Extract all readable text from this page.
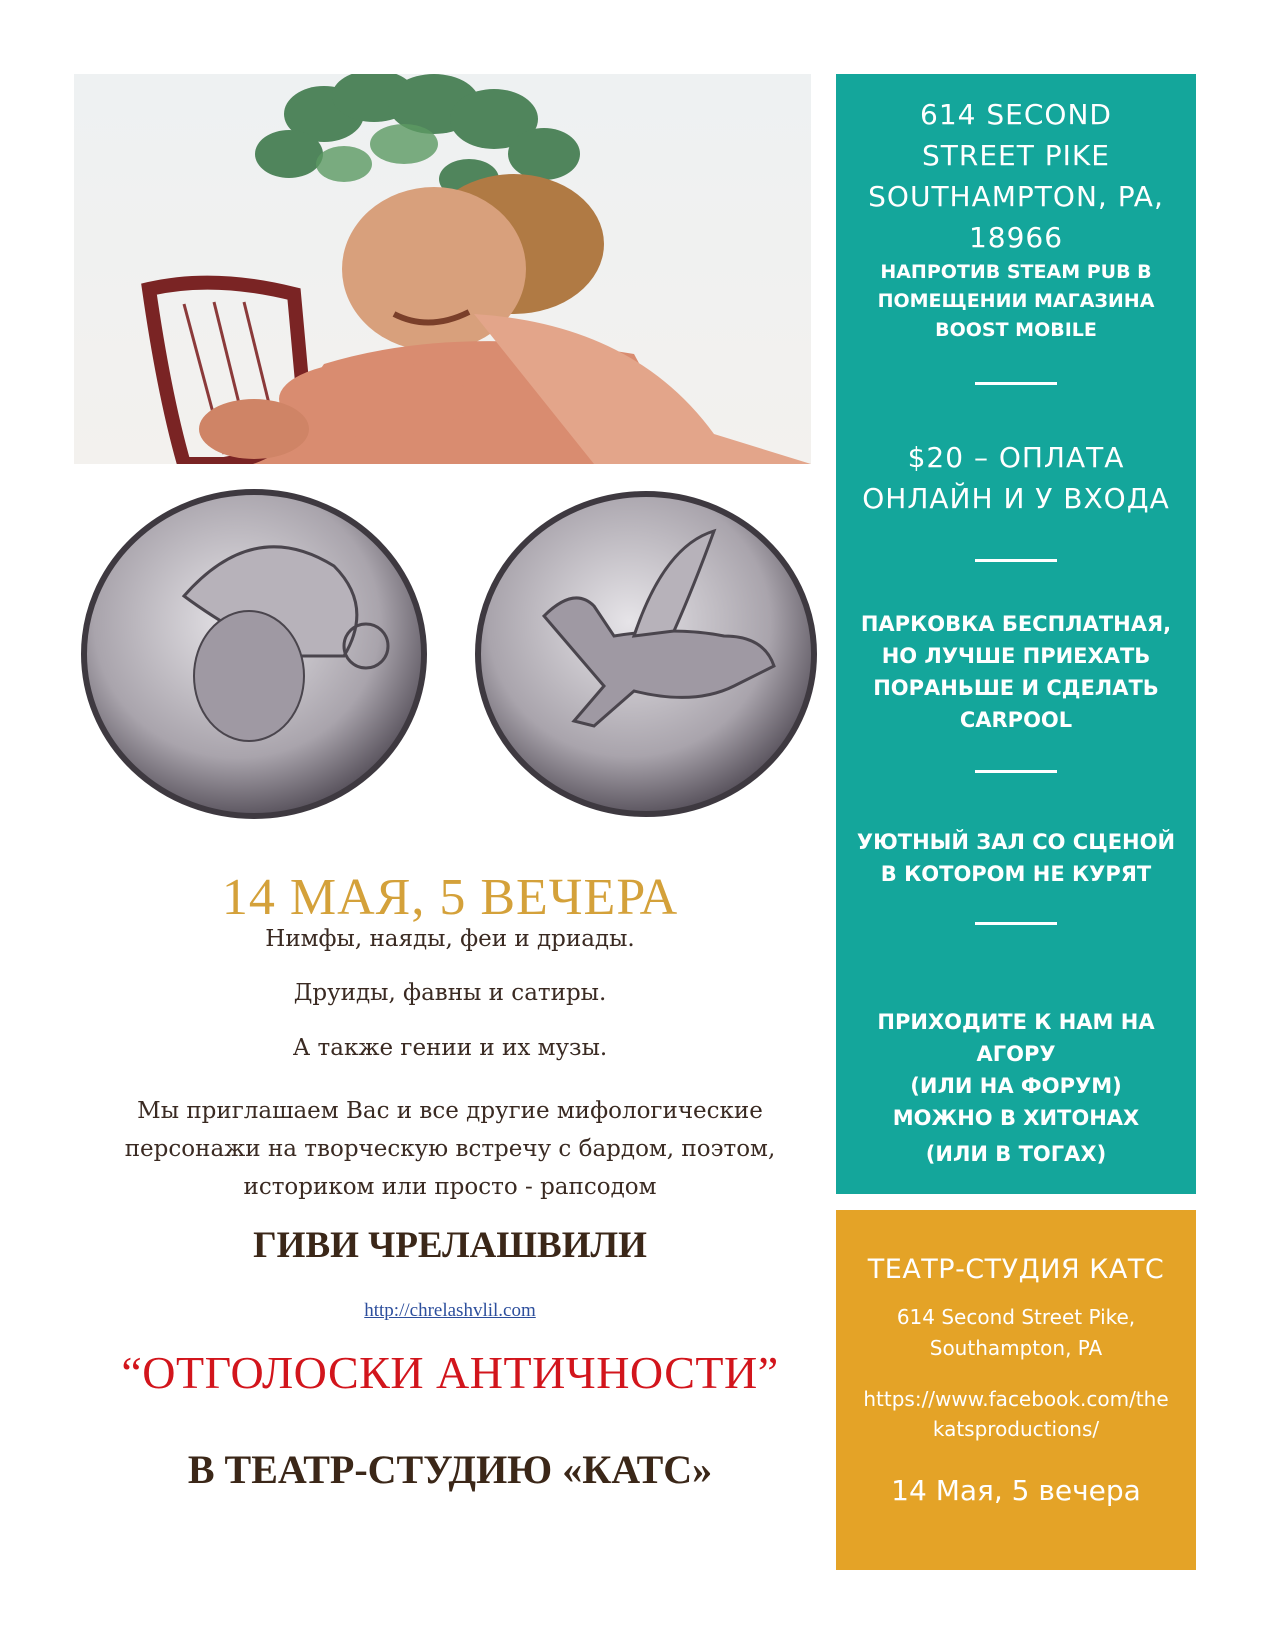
14 МАЯ, 5 ВЕЧЕРА
Нимфы, наяды, феи и дриады.
Друиды, фавны и сатиры.
А также гении и их музы.
Мы приглашаем Вас и все другие мифологические
персонажи на творческую встречу с бардом, поэтом,
историком или просто - рапсодом
ГИВИ ЧРЕЛАШВИЛИ
http://chrelashvlil.com
“ОТГОЛОСКИ АНТИЧНОСТИ”
В ТЕАТР-СТУДИЮ «КАТС»
614 SECOND
STREET PIKE
SOUTHAMPTON, PA,
18966
НАПРОТИВ STEAM PUB В
ПОМЕЩЕНИИ МАГАЗИНА
BOOST MOBILE
$20 – ОПЛАТА
ОНЛАЙН И У ВХОДА
ПАРКОВКА БЕСПЛАТНАЯ,
НО ЛУЧШЕ ПРИЕХАТЬ
ПОРАНЬШЕ И СДЕЛАТЬ
CARPOOL
УЮТНЫЙ ЗАЛ СО СЦЕНОЙ
В КОТОРОМ НЕ КУРЯТ
ПРИХОДИТЕ К НАМ НА
АГОРУ
(ИЛИ НА ФОРУМ)
МОЖНО В ХИТОНАХ
(ИЛИ В ТОГАХ)
ТЕАТР-СТУДИЯ КАТС
614 Second Street Pike,
Southampton, PA
https://www.facebook.com/the
katsproductions/
14 Мая, 5 вечера
